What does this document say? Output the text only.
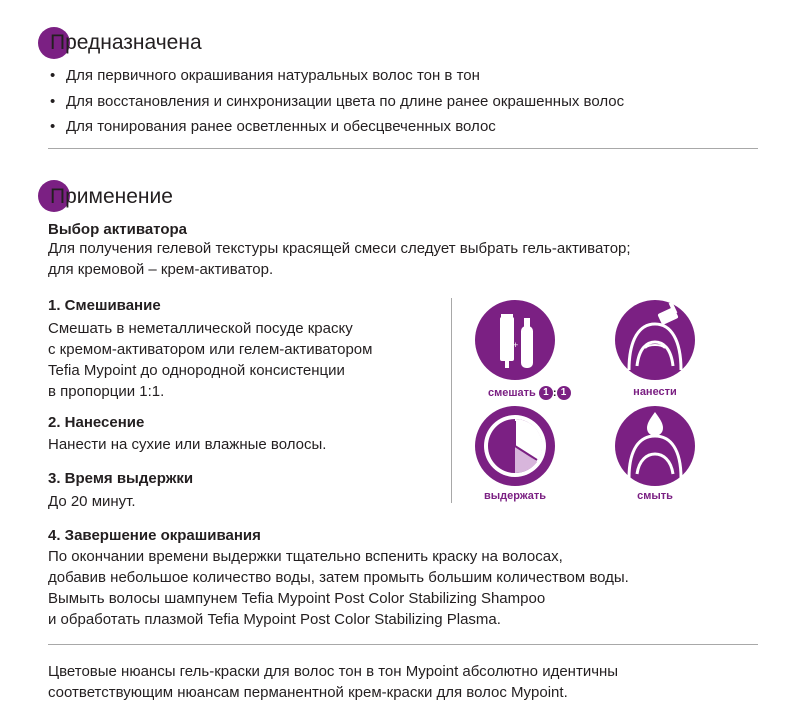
Предназначена
• Для первичного окрашивания натуральных волос тон в тон
• Для восстановления и синхронизации цвета по длине ранее окрашенных волос
• Для тонирования ранее осветленных и обесцвеченных волос
Применение
Выбор активатора
Для получения гелевой текстуры красящей смеси следует выбрать гель-активатор;
для кремовой – крем-активатор.
1. Смешивание
Смешать в неметаллической посуде краску
с кремом-активатором или гелем-активатором
Tefia Mypoint до однородной консистенции
в пропорции 1:1.
2. Нанесение
Нанести на сухие или влажные волосы.
3. Время выдержки
До 20 минут.
4. Завершение окрашивания
По окончании времени выдержки тщательно вспенить краску на волосах,
добавив небольшое количество воды, затем промыть большим количеством воды.
Вымыть волосы шампунем Tefia Mypoint Post Color Stabilizing Shampoo
и обработать плазмой Tefia Mypoint Post Color Stabilizing Plasma.
+
смешать 1 : 1	нанести
выдержать	смыть
Цветовые нюансы гель-краски для волос тон в тон Mypoint абсолютно идентичны
соответствующим нюансам перманентной крем-краски для волос Mypoint.
